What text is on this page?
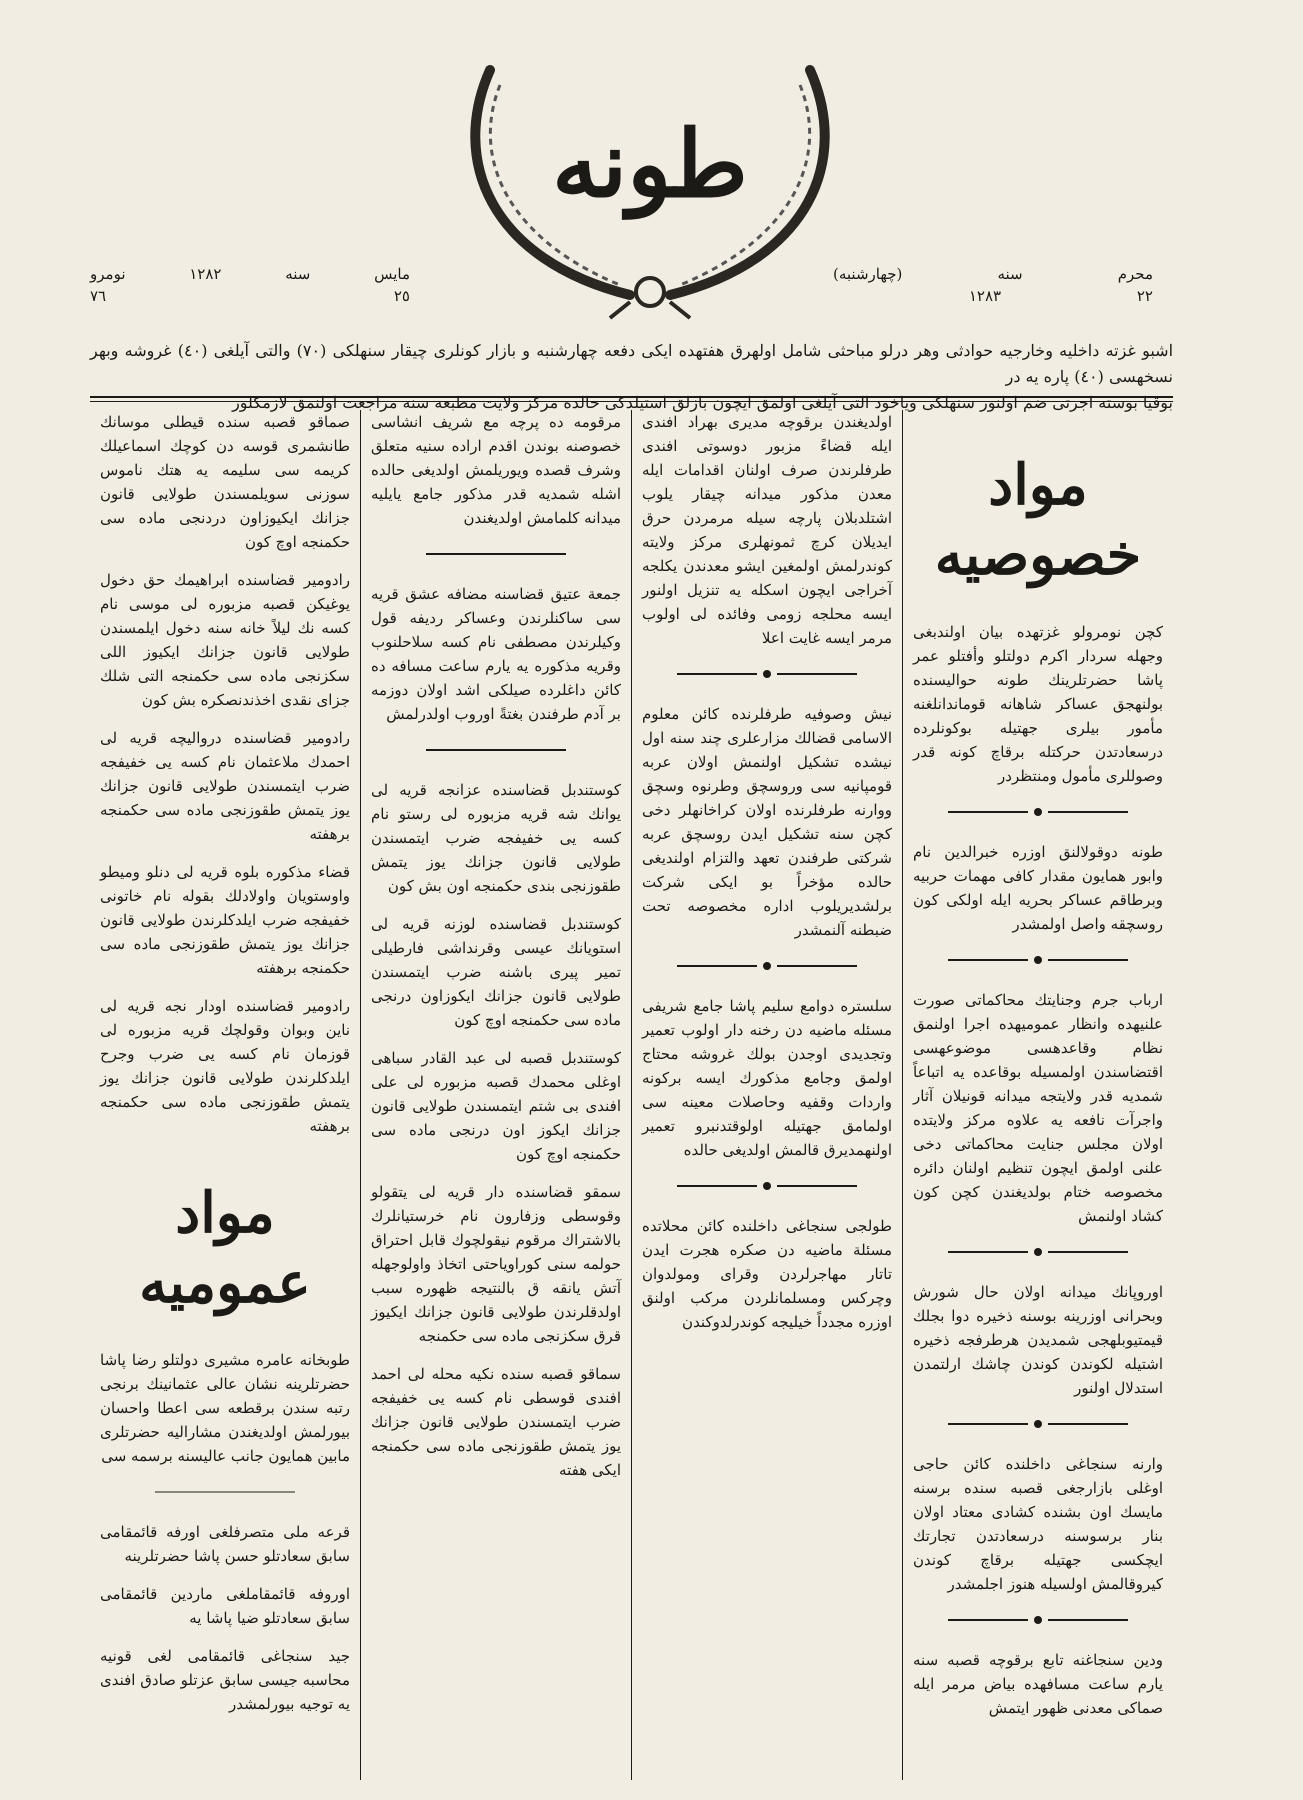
طونه
محرم
سنه
(چهارشنبه)
٢٢
١٢٨٣
مايس
سنه
١٢٨٢
نومرو
٢٥
٧٦
اشبو غزته داخليه وخارجيه حوادثى وهر درلو مباحثى شامل اولهرق هفتهده ايكى دفعه چهارشنبه و بازار كونلرى چيقار سنهلكى (٧٠) والتى آيلغى (٤٠) غروشه وبهر نسخهسى (٤٠) پاره يه در
بوقيا بوسته اجرتى ضم اولنور سنهلكى وياخود التى آيلغى اولمق ايچون بازلق استيلدكى حالده مركز ولايت مطبعه سنه مراجعت اولنمق لازمكلور
مواد خصوصيه

كچن نومرولو غزتهده بيان اولندبغى وجهله سردار اكرم دولتلو وأفتلو عمر پاشا حضرتلرينك طونه حواليسنده بولنهجق عساكر شاهانه قوماندانلغنه مأمور بيلرى جهتيله بوكونلرده درسعادتدن حركتله برقاچ كونه قدر وصوللرى مأمول ومنتظردر

طونه دوقولالنق اوزره خبرالدين نام وابور همايون مقدار كافى مهمات حربيه وبرطاقم عساكر بحريه ايله اولكى كون روسچقه واصل اولمشدر

ارباب جرم وجنايتك محاكماتى صورت علنيهده وانظار عموميهده اجرا اولنمق نظام وقاعدهسى موضوعهسى اقتضاسندن اولمسيله بوقاعده يه اتباعاً شمديه قدر ولايتجه ميدانه قونيلان آثار واجرآت نافعه يه علاوه مركز ولايتده اولان مجلس جنايت محاكماتى دخى علنى اولمق ايچون تنظيم اولنان دائره مخصوصه ختام بولديغندن كچن كون كشاد اولنمش

اوروپانك ميدانه اولان حال شورش وبحرانى اوزرينه بوسنه ذخيره دوا بجلك قيمتيوبلهجى شمديدن هرطرفجه ذخيره اشتيله لكوندن كوندن چاشك ارلتمدن استدلال اولنور

وارنه سنجاغى داخلنده كائن حاجى اوغلى بازارجغى قصبه سنده برسنه مايسك اون بشنده كشادى معتاد اولان بنار برسوسنه درسعادتدن تجارتك ايچكسى جهتيله برقاچ كوندن كيروقالمش اولسيله هنوز اجلمشدر

ودين سنجاغنه تابع برقوچه قصبه سنه يارم ساعت مسافهده بياض مرمر ايله صماكى معدنى ظهور ايتمش

اولديغندن برقوچه مديرى بهراد افندى ايله قضاءً مزبور دوسوتى افندى طرفلرندن صرف اولنان اقدامات ايله معدن مذكور ميدانه چيقار يلوب اشتلدبلان پارچه سيله مرمردن حرق ايديلان كرچ ثمونهلرى مركز ولايته كوندرلمش اولمغين ايشو معدندن يكلجه آخراجى ايچون اسكله يه تنزيل اولنور ايسه محلجه زومى وفائده لى اولوب مرمر ايسه غايت اعلا

نيش وصوفيه طرفلرنده كائن معلوم الاسامى قضالك مزارعلرى چند سنه اول نيشده تشكيل اولنمش اولان عربه قومپانيه سى وروسچق وطرنوه وسچق ووارنه طرفلرنده اولان كراخانهلر دخى كچن سنه تشكيل ايدن روسچق عربه شركتى طرفندن تعهد والتزام اولنديغى حالده مؤخراً بو ايكى شركت برلشديريلوب اداره مخصوصه تحت ضبطنه آلنمشدر

سلستره دوامع سليم پاشا جامع شريفى مسئله ماضيه دن رخنه دار اولوب تعمير وتجديدى اوجدن بولك غروشه محتاج اولمق وجامع مذكورك ايسه بركونه واردات وقفيه وحاصلات معينه سى اولمامق جهتيله اولوقتدنبرو تعمير اولنهمديرق قالمش اولديغى حالده

طولجى سنجاغى داخلنده كائن محلاتده مسئلة ماضيه دن صكره هجرت ايدن تاتار مهاجرلردن وقراى ومولدوان وچركس ومسلمانلردن مركب اولنق اوزره مجدداً خيليجه كوندرلدوكندن

مرقومه ده پرچه مع شريف انشاسى خصوصنه بوندن اقدم اراده سنيه متعلق وشرف قصده ويوريلمش اولديغى حالده اشله شمديه قدر مذكور جامع يايليه ميدانه كلمامش اولديغندن

جمعة عتيق قضاسنه مضافه عشق قريه سى ساكنلرندن وعساكر رديفه قول وكيلرندن مصطفى نام كسه سلاحلنوب وقريه مذكوره يه يارم ساعت مسافه ده كائن داغلرده صيلكى اشد اولان دوزمه بر آدم طرفندن بغتةً اوروب اولدرلمش

كوستندبل قضاسنده عزانجه قريه لى يوانك شه قريه مزبوره لى رستو نام كسه يى خفيفجه ضرب ايتمسندن طولايى قانون جزانك يوز يتمش طقوزنجى بندى حكمنجه اون بش كون

كوستندبل قضاسنده لوزنه قريه لى استويانك عيسى وقرنداشى فارطيلى تمير پيرى باشنه ضرب ايتمسندن طولايى قانون جزانك ايكوزاون درنجى ماده سى حكمنجه اوچ كون

كوستندبل قصبه لى عبد القادر سباهى اوغلى محمدك قصبه مزبوره لى على افندى بى شتم ايتمسندن طولايى قانون جزانك ايكوز اون درنجى ماده سى حكمنجه اوچ كون

سمقو قضاسنده دار قريه لى يتقولو وقوسطى وزفارون نام خرستيانلرك بالاشتراك مرقوم نيقولچوك قابل احتراق حولمه سنى كوراوياحتى اتخاذ واولوجهله آتش يانقه ق بالنتيجه ظهوره سبب اولدقلرندن طولايى قانون جزانك ايكيوز قرق سكزنجى ماده سى حكمنجه

سماقو قصبه سنده نكيه محله لى احمد افندى قوسطى نام كسه يى خفيفجه ضرب ايتمسندن طولايى قانون جزانك يوز يتمش طقوزنجى ماده سى حكمنجه ايكى هفته

صماقو قصبه سنده قيطلى موسانك طانشمرى قوسه دن كوچك اسماعيلك كريمه سى سليمه يه هتك ناموس سوزنى سويلمسندن طولايى قانون جزانك ايكيوزاون دردنجى ماده سى حكمنجه اوچ كون

رادومير قضاسنده ابراهيمك حق دخول يوغيكن قصبه مزبوره لى موسى نام كسه نك ليلاً خانه سنه دخول ايلمسندن طولايى قانون جزانك ايكيوز اللى سكزنجى ماده سى حكمنجه التى شلك جزاى نقدى اخذندنصكره بش كون

رادومير قضاسنده درواليچه قريه لى احمدك ملاعثمان نام كسه يى خفيفجه ضرب ايتمسندن طولايى قانون جزانك يوز يتمش طقوزنجى ماده سى حكمنجه برهفته

قضاء مذكوره بلوه قريه لى دنلو وميطو واوستويان واولادلك بقوله نام خاتونى خفيفجه ضرب ايلدكلرندن طولايى قانون جزانك يوز يتمش طقوزنجى ماده سى حكمنجه برهفته

رادومير قضاسنده اودار نجه قريه لى ناين وبوان وقولچك قريه مزبوره لى قوزمان نام كسه يى ضرب وجرح ايلدكلرندن طولايى قانون جزانك يوز يتمش طقوزنجى ماده سى حكمنجه برهفته

مواد عموميه

طوبخانه عامره مشيرى دولتلو رضا پاشا حضرتلرينه نشان عالى عثمانينك برنجى رتبه سندن برقطعه سى اعطا واحسان بيورلمش اولديغندن مشاراليه حضرتلرى مابين همايون جانب عاليسنه برسمه سى

قرعه ملى متصرفلغى اورفه قائمقامى سابق سعادتلو حسن پاشا حضرتلرينه

اوروفه قائمقاملغى ماردين قائمقامى سابق سعادتلو ضيا پاشا يه

جيد سنجاغى قائمقامى لغى قونيه محاسبه جيسى سابق عزتلو صادق افندى يه توجيه بيورلمشدر
